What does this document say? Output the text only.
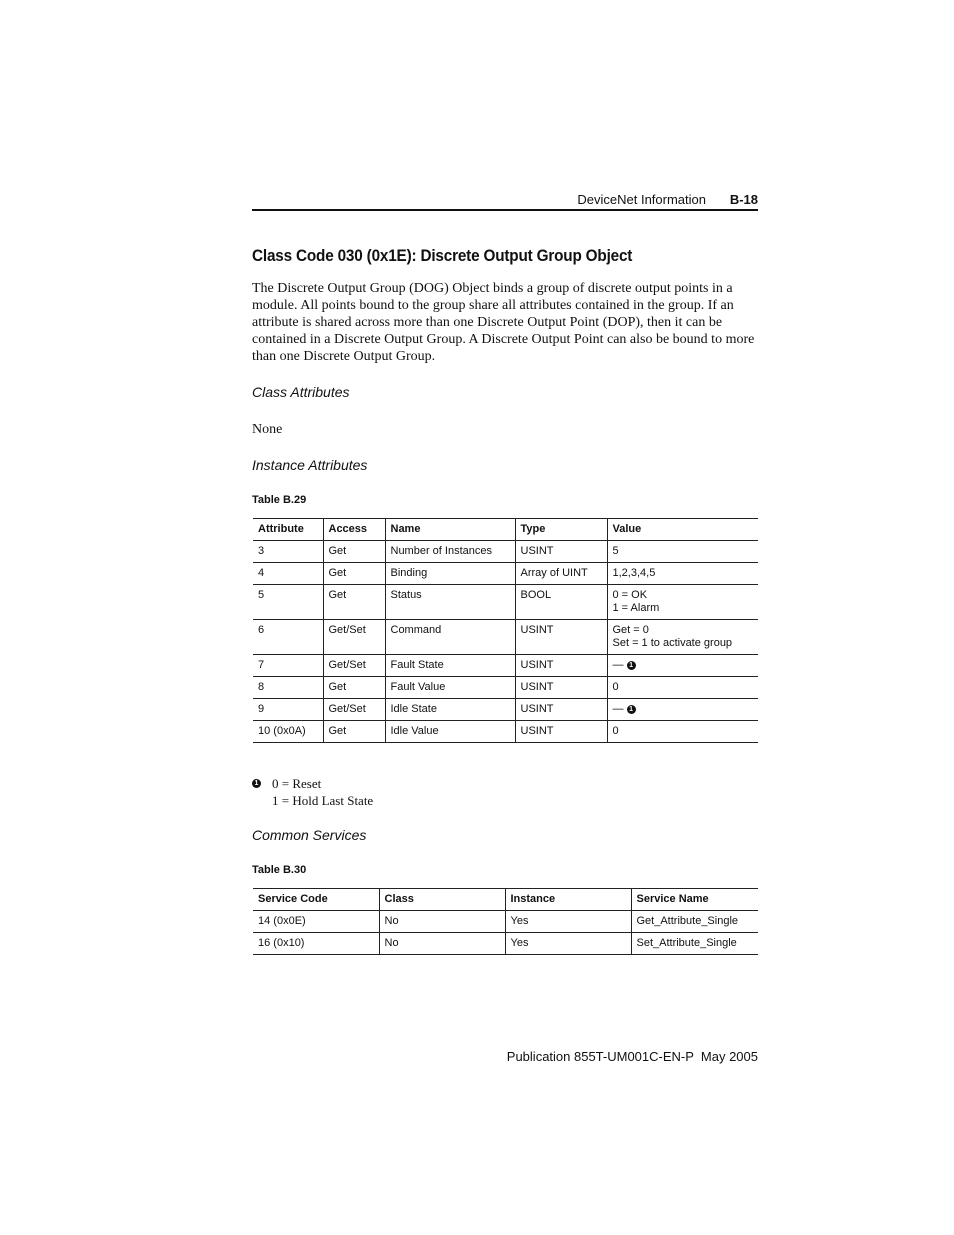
DeviceNet Information B-18
Class Code 030 (0x1E): Discrete Output Group Object

The Discrete Output Group (DOG) Object binds a group of discrete output points in a module. All points bound to the group share all attributes contained in the group. If an attribute is shared across more than one Discrete Output Point (DOP), then it can be contained in a Discrete Output Group. A Discrete Output Point can also be bound to more than one Discrete Output Group.

Class Attributes

None

Instance Attributes

Table B.29

Attribute	Access	Name	Type	Value
3	Get	Number of Instances	USINT	5
4	Get	Binding	Array of UINT	1,2,3,4,5
5	Get	Status	BOOL	0 = OK
1 = Alarm

6	Get/Set	Command	USINT	Get = 0
Set = 1 to activate group

7	Get/Set	Fault State	USINT	— 1
8	Get	Fault Value	USINT	0
9	Get/Set	Idle State	USINT	— 1
10 (0x0A)	Get	Idle Value	USINT	0
1 0 = Reset
1 = Hold Last State

Common Services

Table B.30

Service Code	Class	Instance	Service Name
14 (0x0E)	No	Yes	Get_Attribute_Single
16 (0x10)	No	Yes	Set_Attribute_Single
Publication 855T-UM001C-EN-P  May 2005
